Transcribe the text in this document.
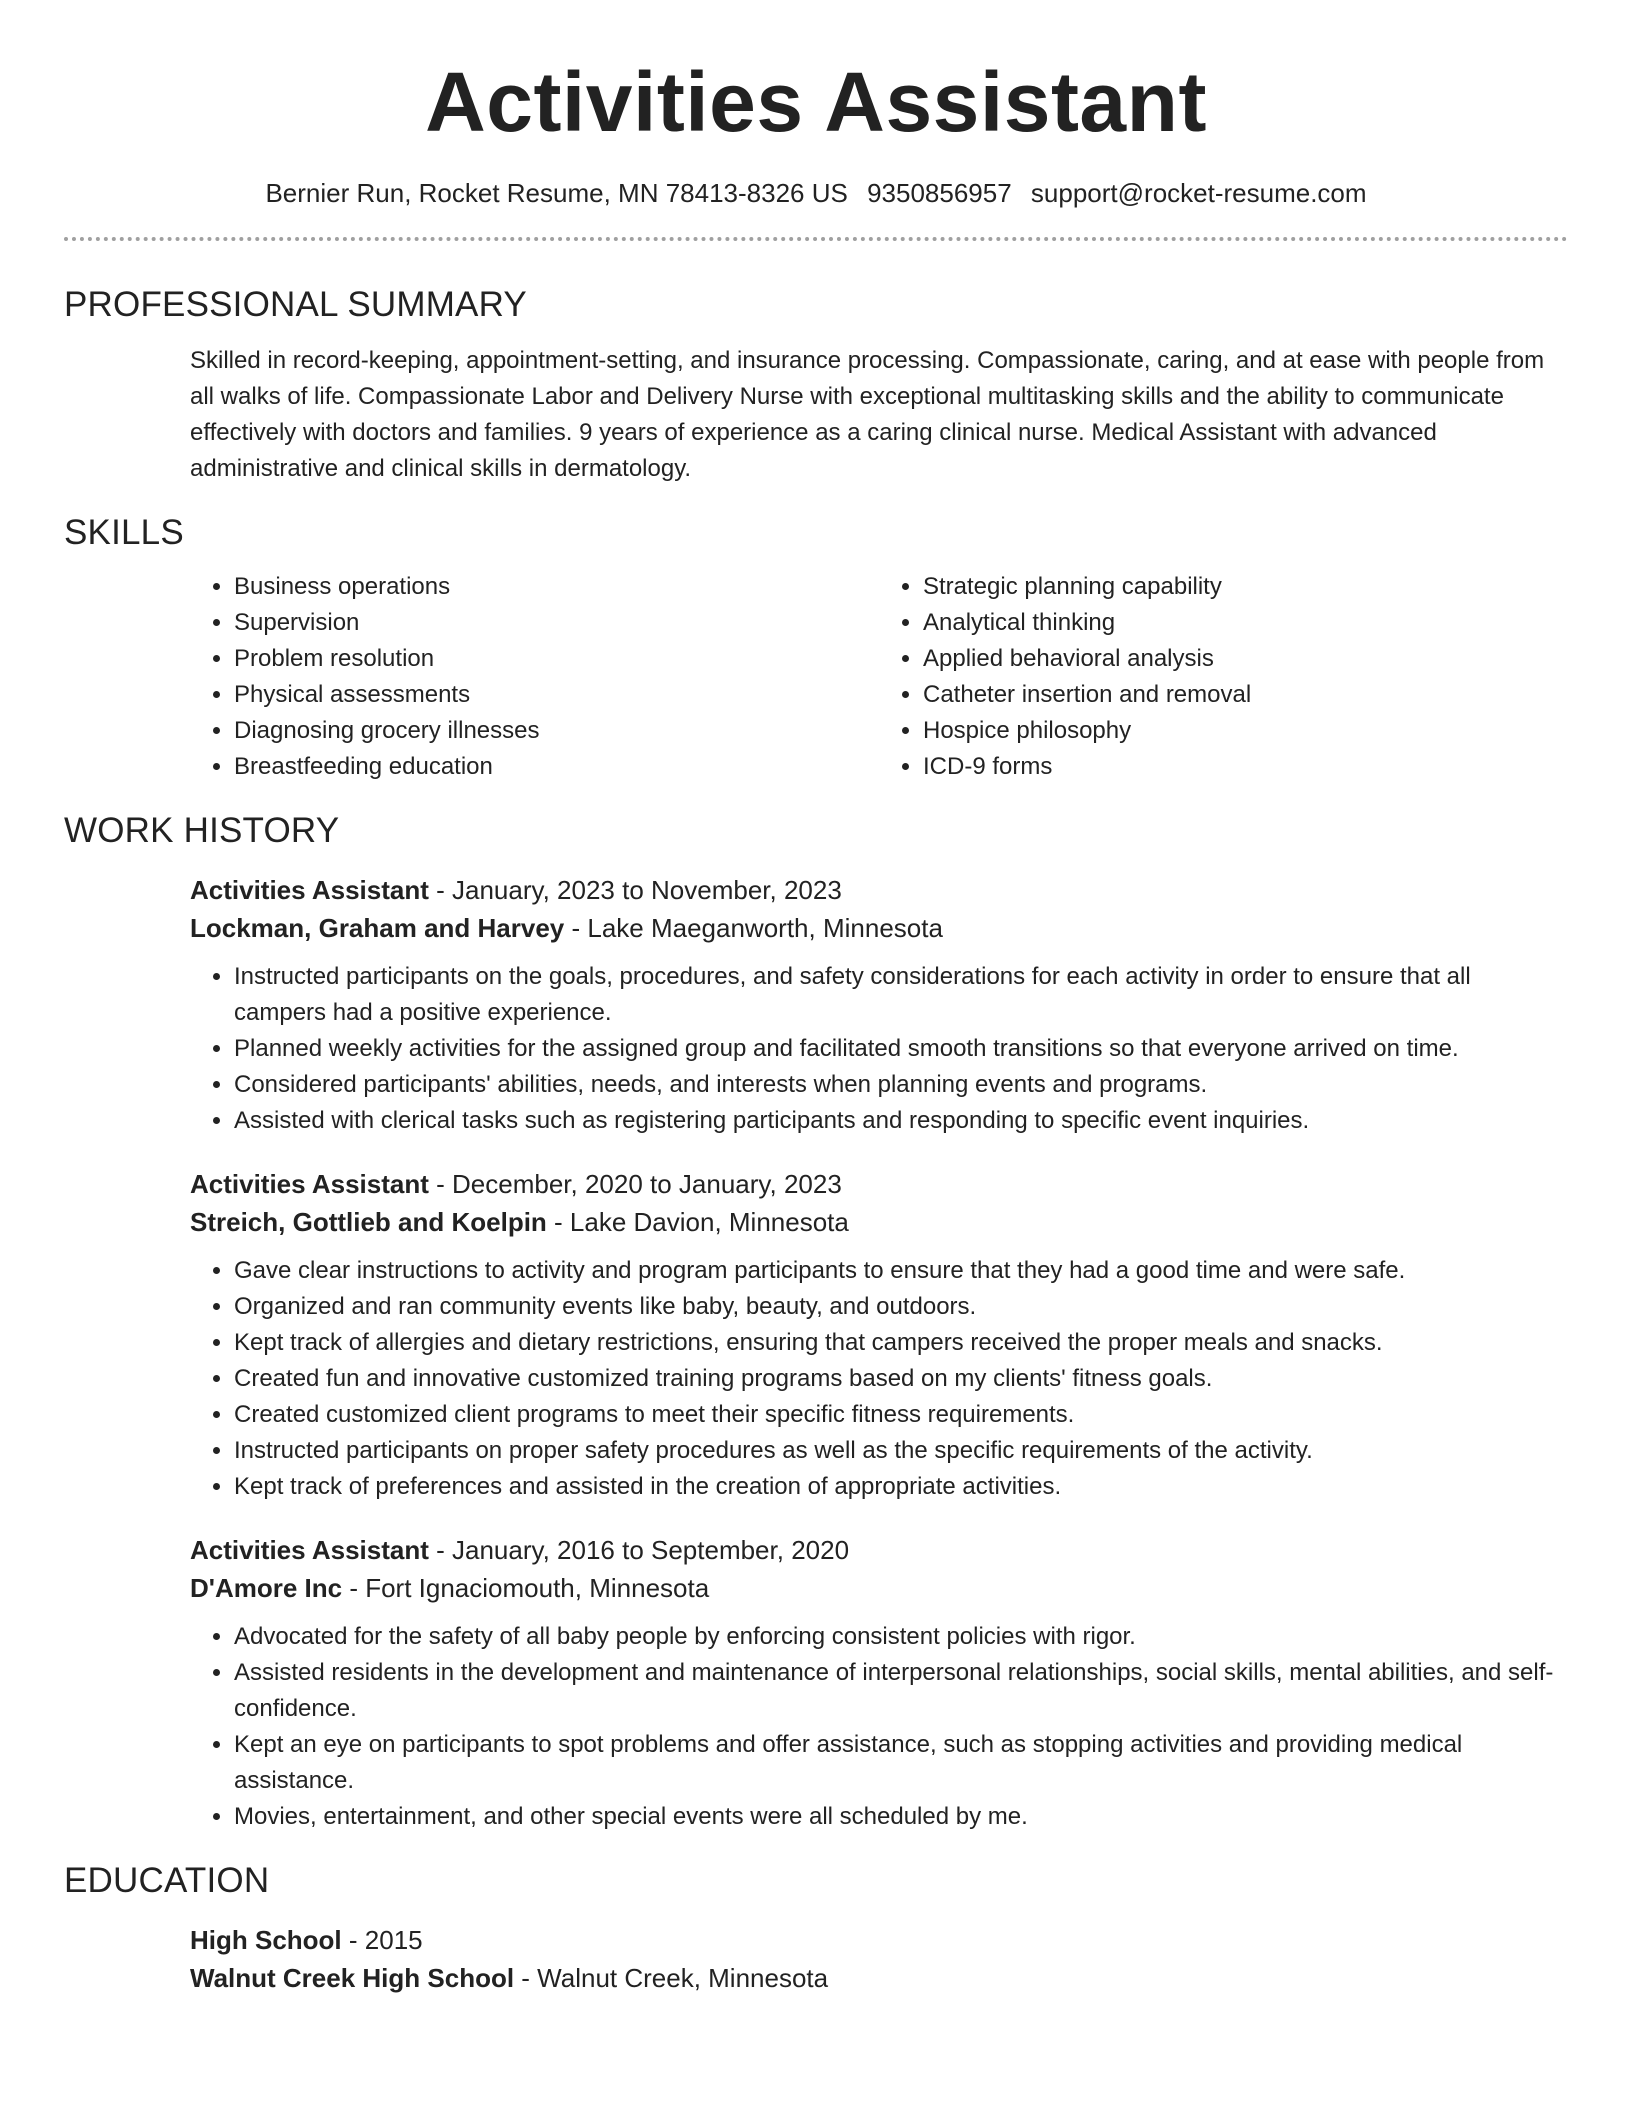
Activities Assistant
Bernier Run, Rocket Resume, MN 78413-8326 US 9350856957 support@rocket-resume.com
PROFESSIONAL SUMMARY
Skilled in record-keeping, appointment-setting, and insurance processing. Compassionate, caring, and at ease with people from all walks of life. Compassionate Labor and Delivery Nurse with exceptional multitasking skills and the ability to communicate effectively with doctors and families. 9 years of experience as a caring clinical nurse. Medical Assistant with advanced administrative and clinical skills in dermatology.
SKILLS
• Business operations
• Supervision
• Problem resolution
• Physical assessments
• Diagnosing grocery illnesses
• Breastfeeding education
• Strategic planning capability
• Analytical thinking
• Applied behavioral analysis
• Catheter insertion and removal
• Hospice philosophy
• ICD-9 forms
WORK HISTORY
Activities Assistant - January, 2023 to November, 2023
Lockman, Graham and Harvey - Lake Maeganworth, Minnesota
• Instructed participants on the goals, procedures, and safety considerations for each activity in order to ensure that all campers had a positive experience.
• Planned weekly activities for the assigned group and facilitated smooth transitions so that everyone arrived on time.
• Considered participants' abilities, needs, and interests when planning events and programs.
• Assisted with clerical tasks such as registering participants and responding to specific event inquiries.
Activities Assistant - December, 2020 to January, 2023
Streich, Gottlieb and Koelpin - Lake Davion, Minnesota
• Gave clear instructions to activity and program participants to ensure that they had a good time and were safe.
• Organized and ran community events like baby, beauty, and outdoors.
• Kept track of allergies and dietary restrictions, ensuring that campers received the proper meals and snacks.
• Created fun and innovative customized training programs based on my clients' fitness goals.
• Created customized client programs to meet their specific fitness requirements.
• Instructed participants on proper safety procedures as well as the specific requirements of the activity.
• Kept track of preferences and assisted in the creation of appropriate activities.
Activities Assistant - January, 2016 to September, 2020
D'Amore Inc - Fort Ignaciomouth, Minnesota
• Advocated for the safety of all baby people by enforcing consistent policies with rigor.
• Assisted residents in the development and maintenance of interpersonal relationships, social skills, mental abilities, and self-confidence.
• Kept an eye on participants to spot problems and offer assistance, such as stopping activities and providing medical assistance.
• Movies, entertainment, and other special events were all scheduled by me.
EDUCATION
High School - 2015
Walnut Creek High School - Walnut Creek, Minnesota
